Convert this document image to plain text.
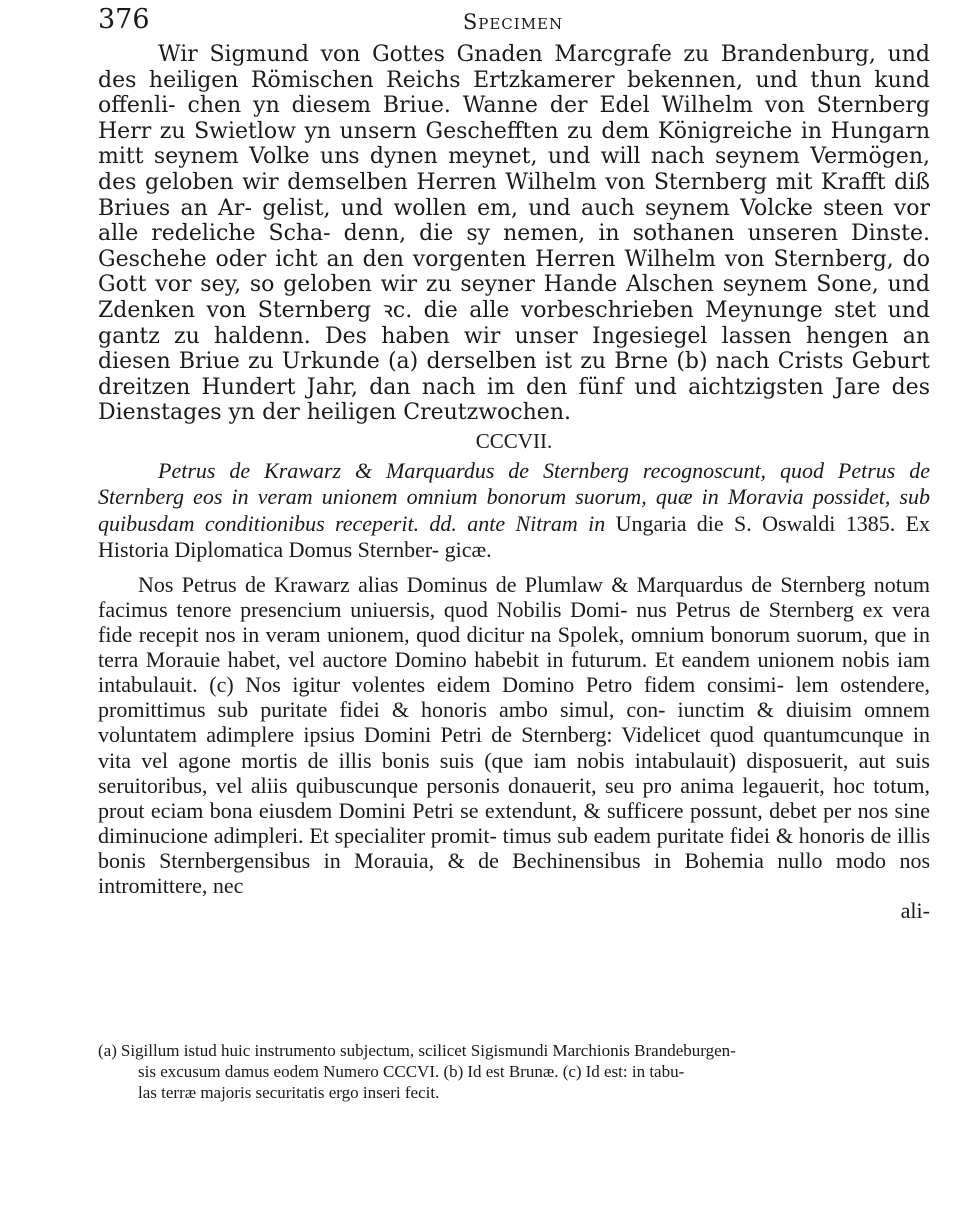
376	Specimen

Wir Sigmund von Gottes Gnaden Marcgrafe zu Brandenburg, und des heiligen Römischen Reichs Ertzkamerer bekennen, und thun kund offenli- chen yn diesem Briue. Wanne der Edel Wilhelm von Sternberg Herr zu Swietlow yn unsern Geschefften zu dem Königreiche in Hungarn mitt seynem Volke uns dynen meynet, und will nach seynem Vermögen, des geloben wir demselben Herren Wilhelm von Sternberg mit Krafft diß Briues an Ar- gelist, und wollen em, und auch seynem Volcke steen vor alle redeliche Scha- denn, die sy nemen, in sothanen unseren Dinste. Geschehe oder icht an den vorgenten Herren Wilhelm von Sternberg, do Gott vor sey, so geloben wir zu seyner Hande Alschen seynem Sone, und Zdenken von Sternberg ꝛc. die alle vorbeschrieben Meynunge stet und gantz zu haldenn. Des haben wir unser Ingesiegel lassen hengen an diesen Briue zu Urkunde (a) derselben ist zu Brne (b) nach Crists Geburt dreitzen Hundert Jahr, dan nach im den fünf und aichtzigsten Jare des Dienstages yn der heiligen Creutzwochen.

CCCVII.

Petrus de Krawarz & Marquardus de Sternberg recognoscunt, quod Petrus de Sternberg eos in veram unionem omnium bonorum suorum, quæ in Moravia possidet, sub quibusdam conditionibus receperit. dd. ante Nitram in Ungaria die S. Oswaldi 1385. Ex Historia Diplomatica Domus Sternber- gicæ.

Nos Petrus de Krawarz alias Dominus de Plumlaw & Marquardus de Sternberg notum facimus tenore presencium uniuersis, quod Nobilis Domi- nus Petrus de Sternberg ex vera fide recepit nos in veram unionem, quod dicitur na Spolek, omnium bonorum suorum, que in terra Morauie habet, vel auctore Domino habebit in futurum. Et eandem unionem nobis iam intabulauit. (c) Nos igitur volentes eidem Domino Petro fidem consimi- lem ostendere, promittimus sub puritate fidei & honoris ambo simul, con- iunctim & diuisim omnem voluntatem adimplere ipsius Domini Petri de Sternberg: Videlicet quod quantumcunque in vita vel agone mortis de illis bonis suis (que iam nobis intabulauit) disposuerit, aut suis seruitoribus, vel aliis quibuscunque personis donauerit, seu pro anima legauerit, hoc totum, prout eciam bona eiusdem Domini Petri se extendunt, & sufficere possunt, debet per nos sine diminucione adimpleri. Et specialiter promit- timus sub eadem puritate fidei & honoris de illis bonis Sternbergensibus in Morauia, & de Bechinensibus in Bohemia nullo modo nos intromittere, nec

ali-

(a) Sigillum istud huic instrumento subjectum, scilicet Sigismundi Marchionis Brandeburgen-

sis excusum damus eodem Numero CCCVI. (b) Id est Brunæ. (c) Id est: in tabu-

las terræ majoris securitatis ergo inseri fecit.
